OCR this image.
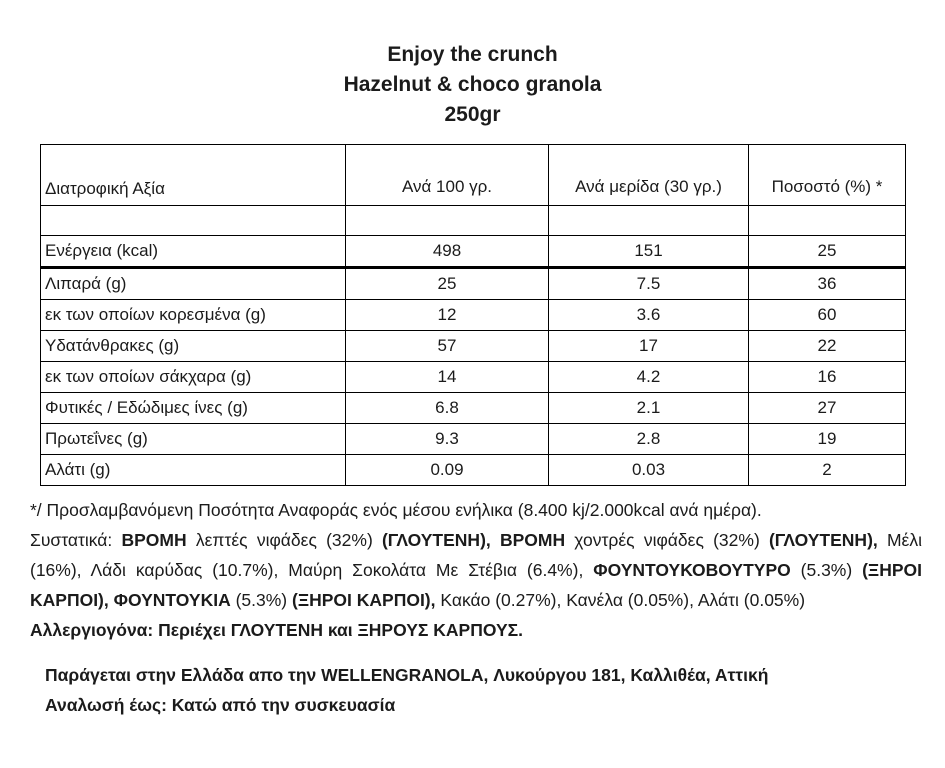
Enjoy the crunch
Hazelnut & choco granola
250gr
Διατροφική Αξία	Ανά 100 γρ.	Ανά μερίδα (30 γρ.)	Ποσοστό (%) *

Ενέργεια (kcal)	498	151	25
Λιπαρά (g)	25	7.5	36
εκ των οποίων κορεσμένα (g)	12	3.6	60
Υδατάνθρακες (g)	57	17	22
εκ των οποίων σάκχαρα (g)	14	4.2	16
Φυτικές / Εδώδιμες ίνες (g)	6.8	2.1	27
Πρωτεΐνες (g)	9.3	2.8	19
Αλάτι (g)	0.09	0.03	2

*/ Προσλαμβανόμενη Ποσότητα Αναφοράς ενός μέσου ενήλικα (8.400 kj/2.000kcal ανά ημέρα).

Συστατικά: ΒΡΟΜΗ λεπτές νιφάδες (32%) (ΓΛΟΥΤΕΝΗ), ΒΡΟΜΗ χοντρές νιφάδες (32%) (ΓΛΟΥΤΕΝΗ), Μέλι (16%), Λάδι καρύδας (10.7%), Μαύρη Σοκολάτα Με Στέβια (6.4%), ΦΟΥΝΤΟΥΚΟΒΟΥΤΥΡΟ (5.3%) (ΞΗΡΟΙ ΚΑΡΠΟΙ), ΦΟΥΝΤΟΥΚΙΑ (5.3%) (ΞΗΡΟΙ ΚΑΡΠΟΙ), Κακάο (0.27%), Κανέλα (0.05%), Αλάτι (0.05%)

Αλλεργιογόνα: Περιέχει ΓΛΟΥΤΕΝΗ και ΞΗΡΟΥΣ ΚΑΡΠΟΥΣ.

Παράγεται στην Ελλάδα απο την WELLENGRANOLA, Λυκούργου 181, Καλλιθέα, Αττική

Αναλωσή έως: Κατώ από την συσκευασία
